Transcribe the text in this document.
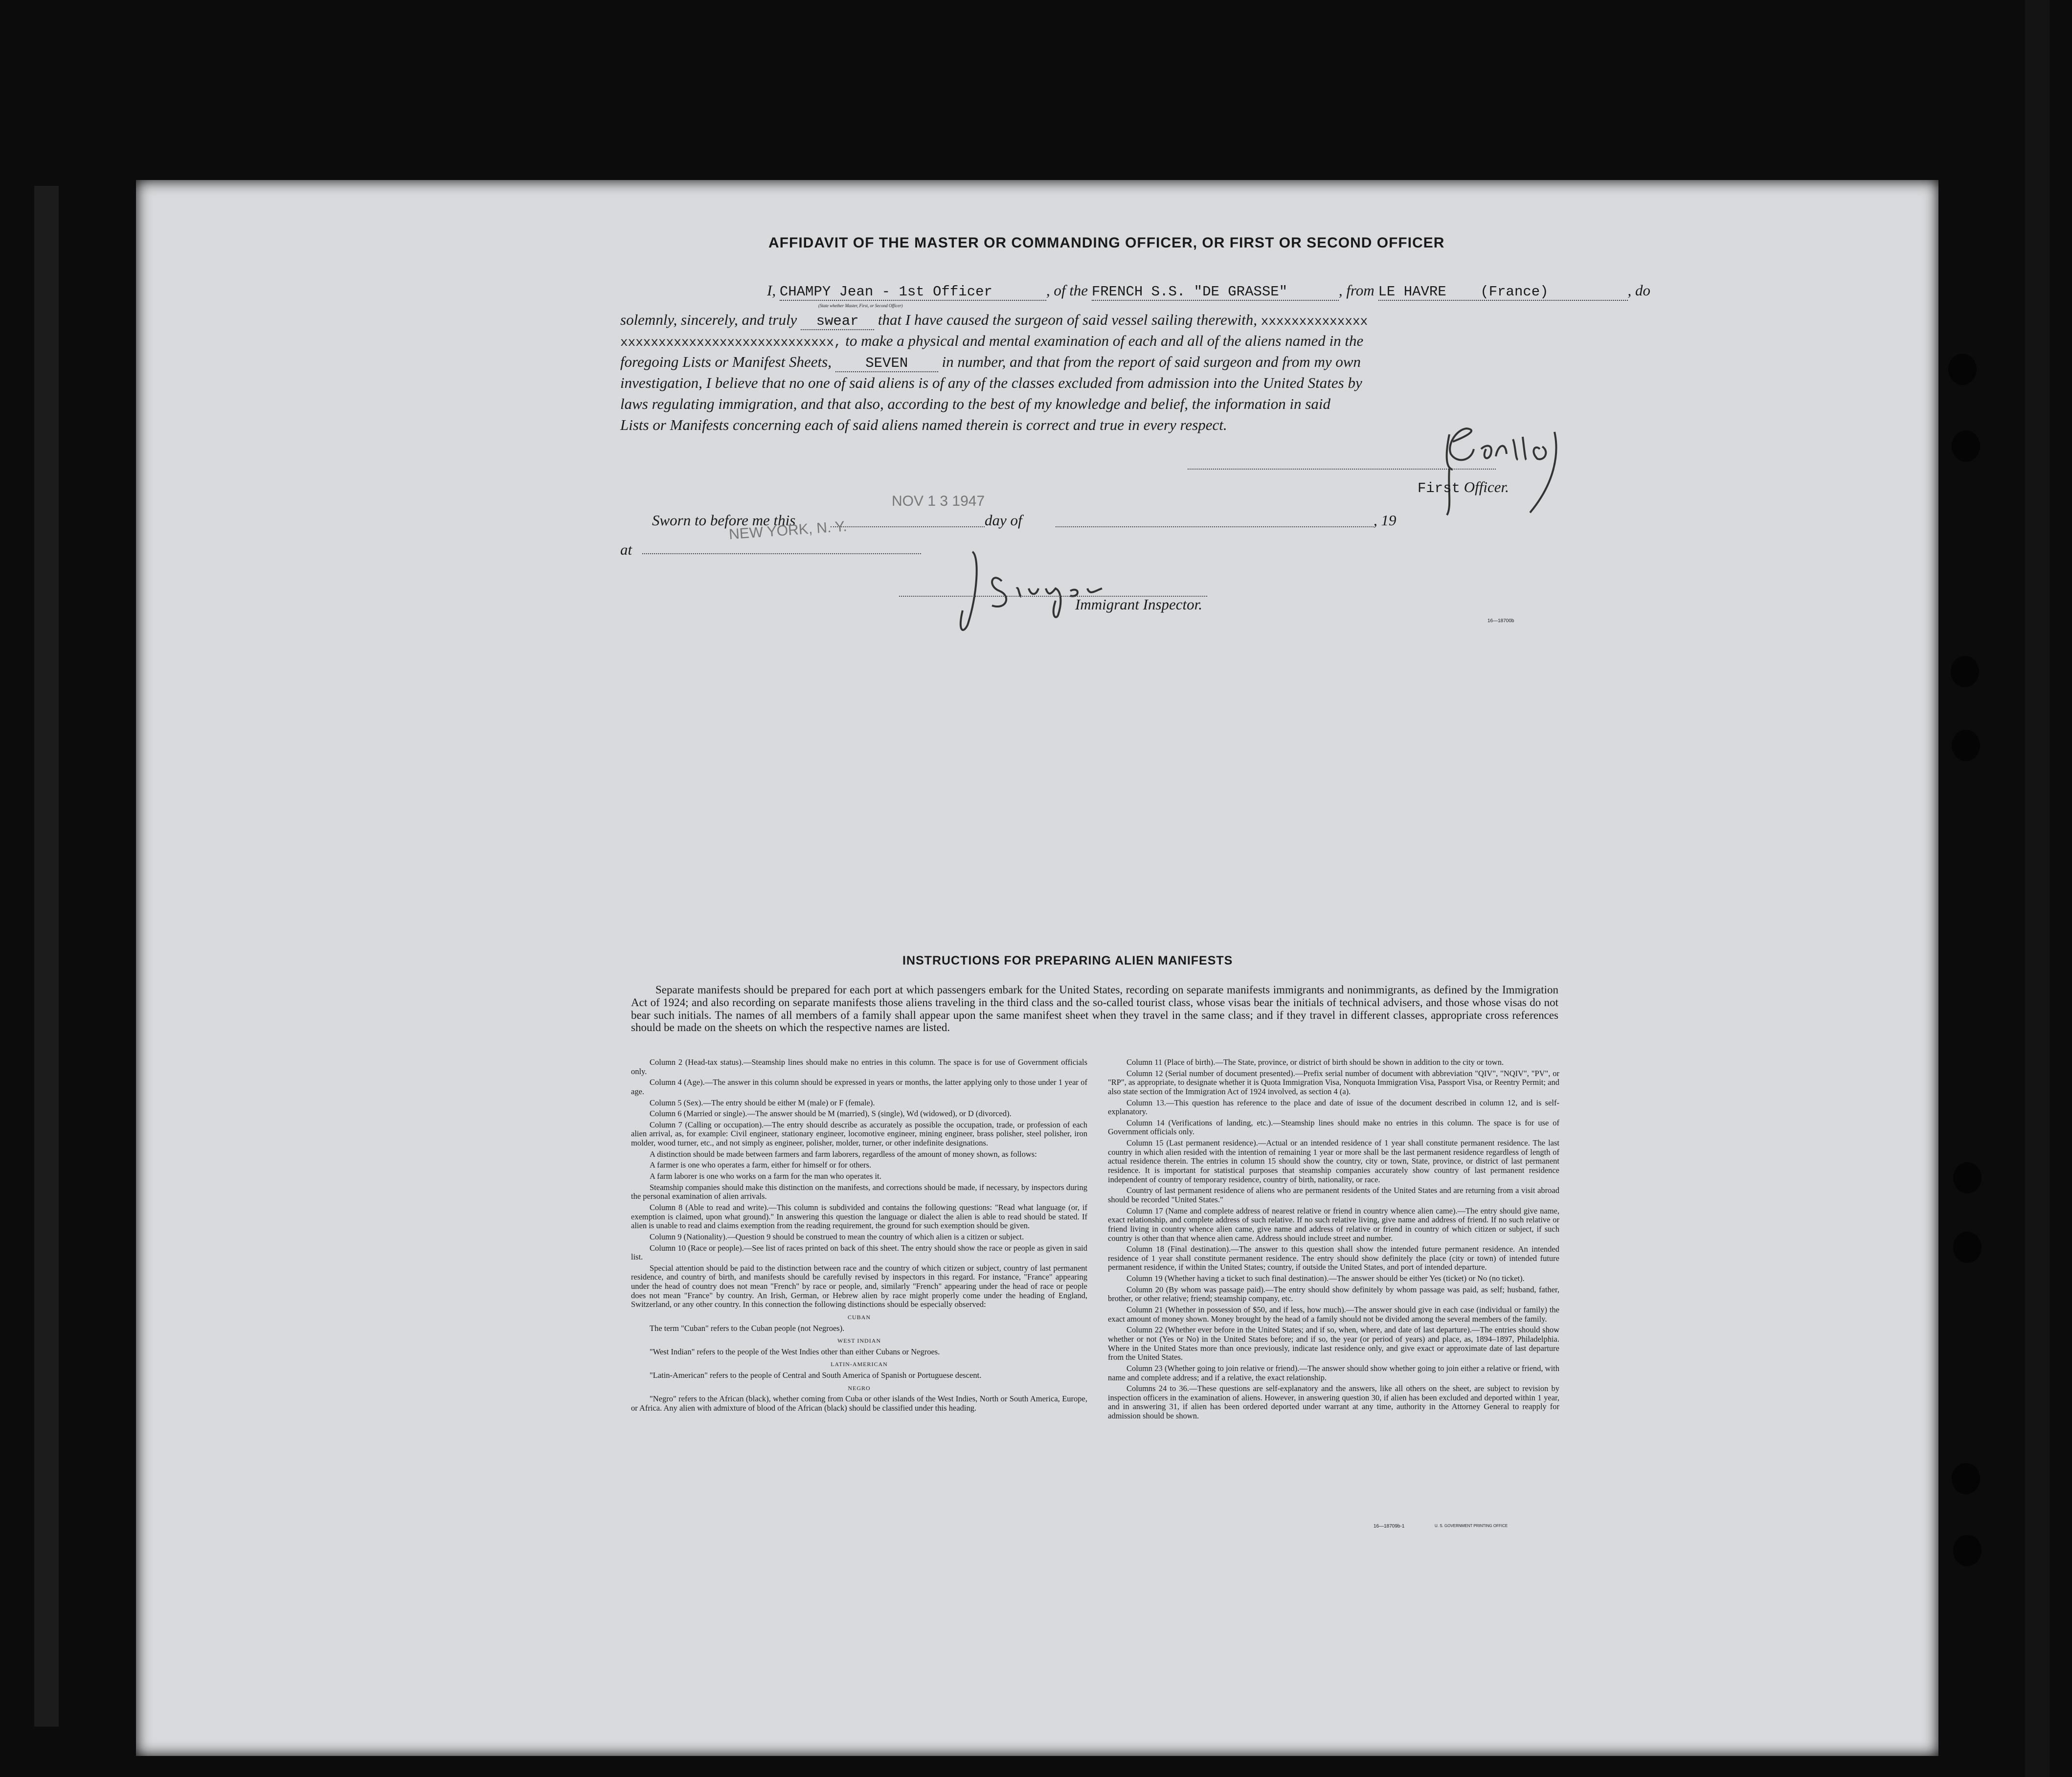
AFFIDAVIT OF THE MASTER OR COMMANDING OFFICER, OR FIRST OR SECOND OFFICER
I, CHAMPY Jean - 1st Officer	, of the FRENCH S.S. "DE GRASSE"	, from LE HAVRE    (France)	, do
(State whether Master, First, or Second Officer)
solemnly, sincerely, and truly swear that I have caused the surgeon of said vessel sailing therewith, xxxxxxxxxxxxxx
xxxxxxxxxxxxxxxxxxxxxxxxxxxx, to make a physical and mental examination of each and all of the aliens named in the
foregoing Lists or Manifest Sheets, SEVEN in number, and that from the report of said surgeon and from my own
investigation, I believe that no one of said aliens is of any of the classes excluded from admission into the United States by
laws regulating immigration, and that also, according to the best of my knowledge and belief, the information in said
Lists or Manifests concerning each of said aliens named therein is correct and true in every respect.
First Officer.
Sworn to before me this
NOV 1 3 1947
day of	, 19
at
NEW YORK, N. Y.
Immigrant Inspector.
16—18700b
INSTRUCTIONS FOR PREPARING ALIEN MANIFESTS
Separate manifests should be prepared for each port at which passengers embark for the United States, recording on separate manifests immigrants and nonimmigrants, as defined by the Immigration Act of 1924; and also recording on separate manifests those aliens traveling in the third class and the so-called tourist class, whose visas bear the initials of technical advisers, and those whose visas do not bear such initials. The names of all members of a family shall appear upon the same manifest sheet when they travel in the same class; and if they travel in different classes, appropriate cross references should be made on the sheets on which the respective names are listed.

Column 2 (Head-tax status).—Steamship lines should make no entries in this column. The space is for use of Government officials only.

Column 4 (Age).—The answer in this column should be expressed in years or months, the latter applying only to those under 1 year of age.

Column 5 (Sex).—The entry should be either M (male) or F (female).

Column 6 (Married or single).—The answer should be M (married), S (single), Wd (widowed), or D (divorced).

Column 7 (Calling or occupation).—The entry should describe as accurately as possible the occupation, trade, or profession of each alien arrival, as, for example: Civil engineer, stationary engineer, locomotive engineer, mining engineer, brass polisher, steel polisher, iron molder, wood turner, etc., and not simply as engineer, polisher, molder, turner, or other indefinite designations.

A distinction should be made between farmers and farm laborers, regardless of the amount of money shown, as follows:

A farmer is one who operates a farm, either for himself or for others.

A farm laborer is one who works on a farm for the man who operates it.

Steamship companies should make this distinction on the manifests, and corrections should be made, if necessary, by inspectors during the personal examination of alien arrivals.

Column 8 (Able to read and write).—This column is subdivided and contains the following questions: "Read what language (or, if exemption is claimed, upon what ground)." In answering this question the language or dialect the alien is able to read should be stated. If alien is unable to read and claims exemption from the reading requirement, the ground for such exemption should be given.

Column 9 (Nationality).—Question 9 should be construed to mean the country of which alien is a citizen or subject.

Column 10 (Race or people).—See list of races printed on back of this sheet. The entry should show the race or people as given in said list.

Special attention should be paid to the distinction between race and the country of which citizen or subject, country of last permanent residence, and country of birth, and manifests should be carefully revised by inspectors in this regard. For instance, "France" appearing under the head of country does not mean "French" by race or people, and, similarly "French" appearing under the head of race or people does not mean "France" by country. An Irish, German, or Hebrew alien by race might properly come under the heading of England, Switzerland, or any other country. In this connection the following distinctions should be especially observed:

CUBAN

The term "Cuban" refers to the Cuban people (not Negroes).

WEST INDIAN

"West Indian" refers to the people of the West Indies other than either Cubans or Negroes.

LATIN-AMERICAN

"Latin-American" refers to the people of Central and South America of Spanish or Portuguese descent.

NEGRO

"Negro" refers to the African (black), whether coming from Cuba or other islands of the West Indies, North or South America, Europe, or Africa. Any alien with admixture of blood of the African (black) should be classified under this heading.

Column 11 (Place of birth).—The State, province, or district of birth should be shown in addition to the city or town.

Column 12 (Serial number of document presented).—Prefix serial number of document with abbreviation "QIV", "NQIV", "PV", or "RP", as appropriate, to designate whether it is Quota Immigration Visa, Nonquota Immigration Visa, Passport Visa, or Reentry Permit; and also state section of the Immigration Act of 1924 involved, as section 4 (a).

Column 13.—This question has reference to the place and date of issue of the document described in column 12, and is self-explanatory.

Column 14 (Verifications of landing, etc.).—Steamship lines should make no entries in this column. The space is for use of Government officials only.

Column 15 (Last permanent residence).—Actual or an intended residence of 1 year shall constitute permanent residence. The last country in which alien resided with the intention of remaining 1 year or more shall be the last permanent residence regardless of length of actual residence therein. The entries in column 15 should show the country, city or town, State, province, or district of last permanent residence. It is important for statistical purposes that steamship companies accurately show country of last permanent residence independent of country of temporary residence, country of birth, nationality, or race.

Country of last permanent residence of aliens who are permanent residents of the United States and are returning from a visit abroad should be recorded "United States."

Column 17 (Name and complete address of nearest relative or friend in country whence alien came).—The entry should give name, exact relationship, and complete address of such relative. If no such relative living, give name and address of friend. If no such relative or friend living in country whence alien came, give name and address of relative or friend in country of which citizen or subject, if such country is other than that whence alien came. Address should include street and number.

Column 18 (Final destination).—The answer to this question shall show the intended future permanent residence. An intended residence of 1 year shall constitute permanent residence. The entry should show definitely the place (city or town) of intended future permanent residence, if within the United States; country, if outside the United States, and port of intended departure.

Column 19 (Whether having a ticket to such final destination).—The answer should be either Yes (ticket) or No (no ticket).

Column 20 (By whom was passage paid).—The entry should show definitely by whom passage was paid, as self; husband, father, brother, or other relative; friend; steamship company, etc.

Column 21 (Whether in possession of $50, and if less, how much).—The answer should give in each case (individual or family) the exact amount of money shown. Money brought by the head of a family should not be divided among the several members of the family.

Column 22 (Whether ever before in the United States; and if so, when, where, and date of last departure).—The entries should show whether or not (Yes or No) in the United States before; and if so, the year (or period of years) and place, as, 1894–1897, Philadelphia. Where in the United States more than once previously, indicate last residence only, and give exact or approximate date of last departure from the United States.

Column 23 (Whether going to join relative or friend).—The answer should show whether going to join either a relative or friend, with name and complete address; and if a relative, the exact relationship.

Columns 24 to 36.—These questions are self-explanatory and the answers, like all others on the sheet, are subject to revision by inspection officers in the examination of aliens. However, in answering question 30, if alien has been excluded and deported within 1 year, and in answering 31, if alien has been ordered deported under warrant at any time, authority in the Attorney General to reapply for admission should be shown.

16—18709b-1	U. S. GOVERNMENT PRINTING OFFICE
